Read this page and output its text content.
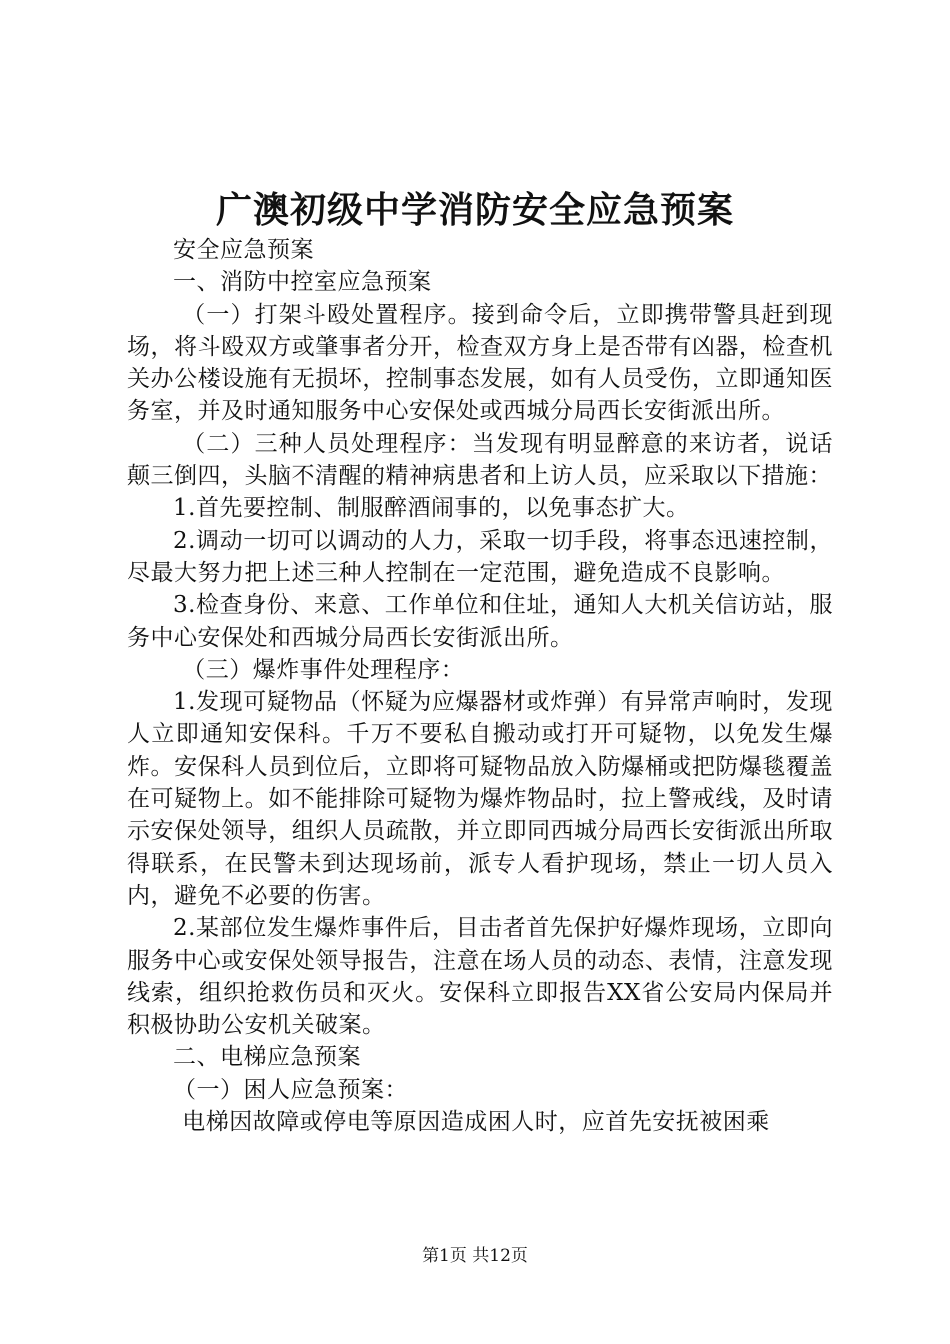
广澳初级中学消防安全应急预案

安全应急预案

一、消防中控室应急预案

（一）打架斗殴处置程序。接到命令后，立即携带警具赶到现场，将斗殴双方或肇事者分开，检查双方身上是否带有凶器，检查机关办公楼设施有无损坏，控制事态发展，如有人员受伤，立即通知医务室，并及时通知服务中心安保处或西城分局西长安街派出所。

（二）三种人员处理程序：当发现有明显醉意的来访者，说话颠三倒四，头脑不清醒的精神病患者和上访人员，应采取以下措施：

1.首先要控制、制服醉酒闹事的，以免事态扩大。

2.调动一切可以调动的人力，采取一切手段，将事态迅速控制，尽最大努力把上述三种人控制在一定范围，避免造成不良影响。

3.检查身份、来意、工作单位和住址，通知人大机关信访站，服务中心安保处和西城分局西长安街派出所。

（三）爆炸事件处理程序：

1.发现可疑物品（怀疑为应爆器材或炸弹）有异常声响时，发现人立即通知安保科。千万不要私自搬动或打开可疑物，以免发生爆炸。安保科人员到位后，立即将可疑物品放入防爆桶或把防爆毯覆盖在可疑物上。如不能排除可疑物为爆炸物品时，拉上警戒线，及时请示安保处领导，组织人员疏散，并立即同西城分局西长安街派出所取得联系，在民警未到达现场前，派专人看护现场，禁止一切人员入内，避免不必要的伤害。

2.某部位发生爆炸事件后，目击者首先保护好爆炸现场，立即向服务中心或安保处领导报告，注意在场人员的动态、表情，注意发现线索，组织抢救伤员和灭火。安保科立即报告XX省公安局内保局并积极协助公安机关破案。

二、电梯应急预案

（一）困人应急预案：

电梯因故障或停电等原因造成困人时，应首先安抚被困乘

第1页 共12页
